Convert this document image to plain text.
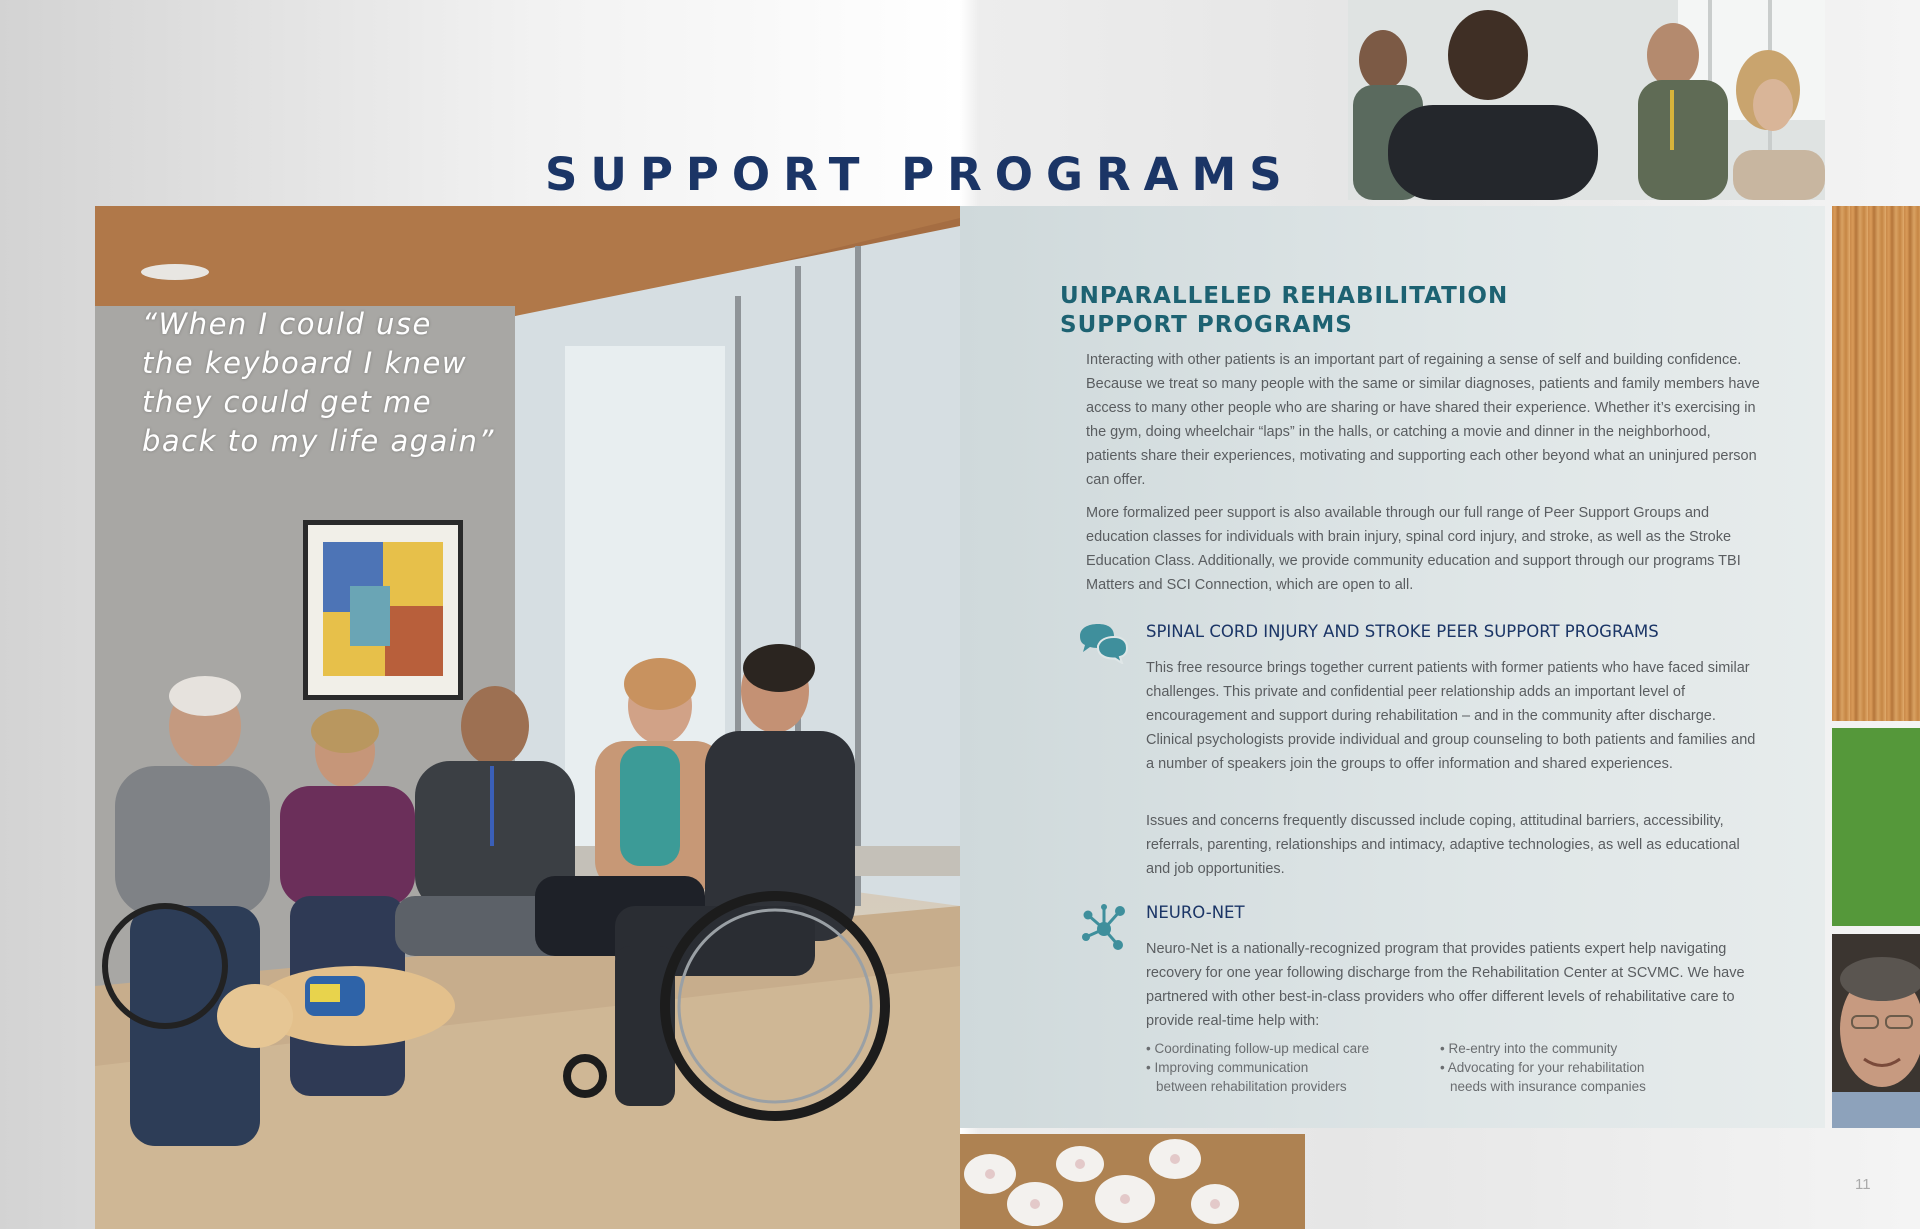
SUPPORT PROGRAMS
“When I could use
the keyboard I knew
they could get me
back to my life again”
UNPARALLELED REHABILITATION
SUPPORT PROGRAMS
Interacting with other patients is an important part of regaining a sense of self and building confidence. Because we treat so many people with the same or similar diagnoses, patients and family members have access to many other people who are sharing or have shared their experience. Whether it’s exercising in the gym, doing wheelchair “laps” in the halls, or catching a movie and dinner in the neighborhood, patients share their experiences, motivating and supporting each other beyond what an uninjured person can offer.
More formalized peer support is also available through our full range of Peer Support Groups and education classes for individuals with brain injury, spinal cord injury, and stroke, as well as the Stroke Education Class. Additionally, we provide community education and support through our programs TBI Matters and SCI Connection, which are open to all.
SPINAL CORD INJURY AND STROKE PEER SUPPORT PROGRAMS
This free resource brings together current patients with former patients who have faced similar challenges. This private and confidential peer relationship adds an important level of encouragement and support during rehabilitation – and in the community after discharge. Clinical psychologists provide individual and group counseling to both patients and families and a number of speakers join the groups to offer information and shared experiences.
Issues and concerns frequently discussed include coping, attitudinal barriers, accessibility, referrals, parenting, relationships and intimacy, adaptive technologies, as well as educational and job opportunities.
NEURO-NET
Neuro-Net is a nationally-recognized program that provides patients expert help navigating recovery for one year following discharge from the Rehabilitation Center at SCVMC. We have partnered with other best-in-class providers who offer different levels of rehabilitative care to provide real-time help with:
• Coordinating follow-up medical care
• Improving communication
between rehabilitation providers
• Re-entry into the community
• Advocating for your rehabilitation
needs with insurance companies
11
